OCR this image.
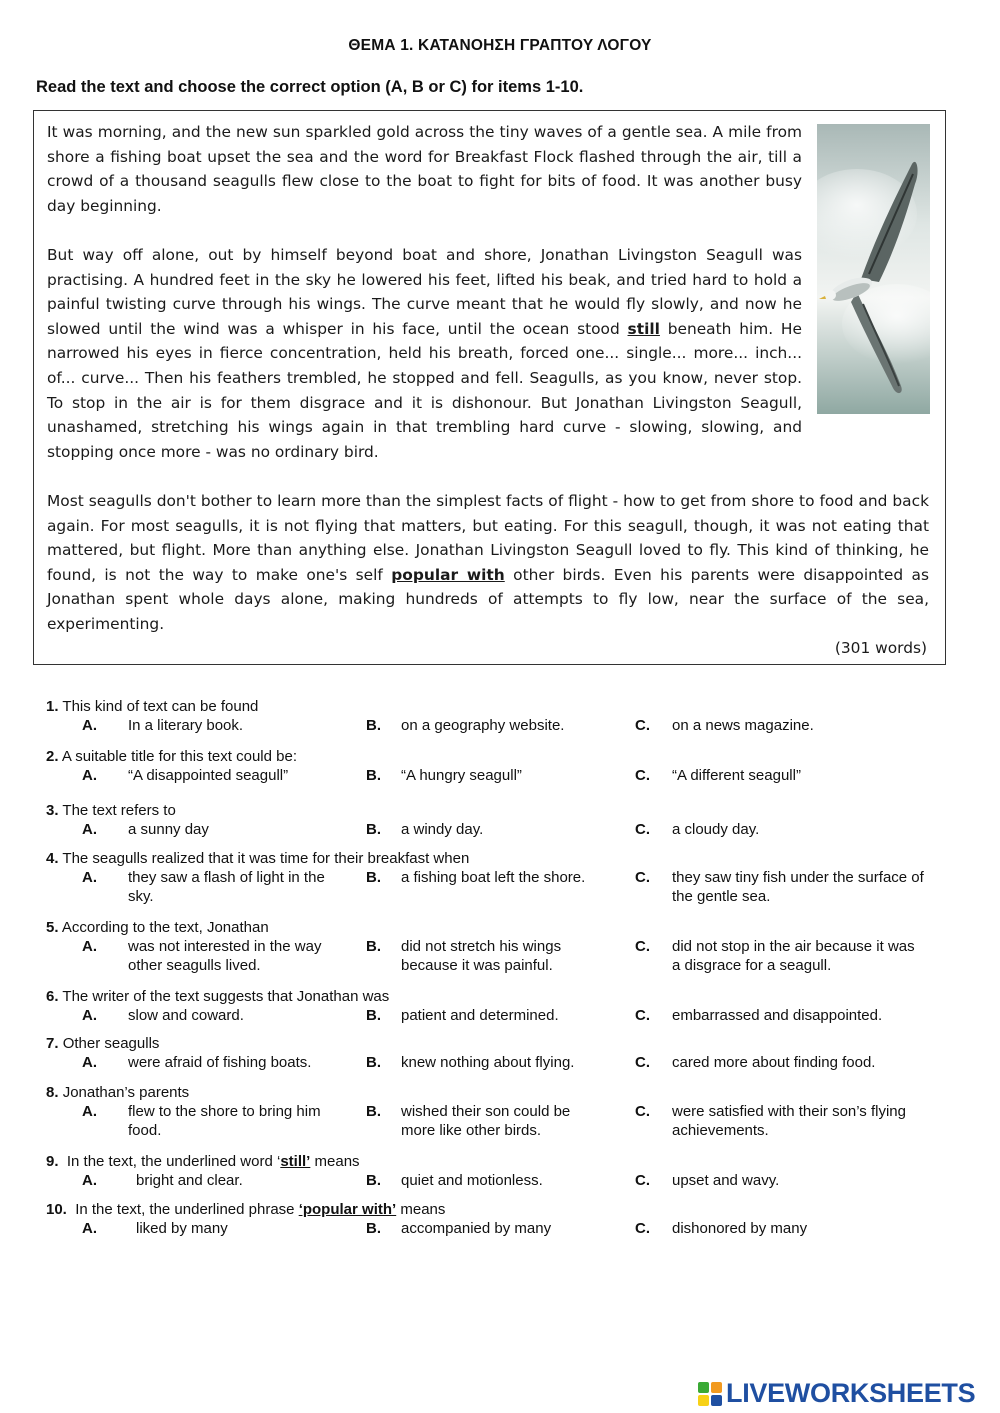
ΘΕΜΑ 1. ΚΑΤΑΝΟΗΣΗ ΓΡΑΠΤΟΥ ΛΟΓΟΥ
Read the text and choose the correct option (A, B or C) for items 1-10.

It was morning, and the new sun sparkled gold across the tiny waves of a gentle sea. A mile from shore a fishing boat upset the sea and the word for Breakfast Flock flashed through the air, till a crowd of a thousand seagulls flew close to the boat to fight for bits of food. It was another busy day beginning.

But way off alone, out by himself beyond boat and shore, Jonathan Livingston Seagull was practising. A hundred feet in the sky he lowered his feet, lifted his beak, and tried hard to hold a painful twisting curve through his wings. The curve meant that he would fly slowly, and now he slowed until the wind was a whisper in his face, until the ocean stood still beneath him. He narrowed his eyes in fierce concentration, held his breath, forced one... single... more... inch... of... curve... Then his feathers trembled, he stopped and fell. Seagulls, as you know, never stop. To stop in the air is for them disgrace and it is dishonour. But Jonathan Livingston Seagull, unashamed, stretching his wings again in that trembling hard curve - slowing, slowing, and stopping once more - was no ordinary bird.

Most seagulls don't bother to learn more than the simplest facts of flight - how to get from shore to food and back again. For most seagulls, it is not flying that matters, but eating. For this seagull, though, it was not eating that mattered, but flight. More than anything else. Jonathan Livingston Seagull loved to fly. This kind of thinking, he found, is not the way to make one's self popular with other birds. Even his parents were disappointed as Jonathan spent whole days alone, making hundreds of attempts to fly low, near the surface of the sea, experimenting.

(301 words)
1. This kind of text can be found
A. In a literary book.	B. on a geography website.	C. on a news magazine.
2. A suitable title for this text could be:
A. “A disappointed seagull”	B. “A hungry seagull”	C. “A different seagull”
3. The text refers to
A. a sunny day	B. a windy day.	C. a cloudy day.
4. The seagulls realized that it was time for their breakfast when
A. they saw a flash of light in the sky.
B. a fishing boat left the shore.	C. they saw tiny fish under the surface of the gentle sea.
5. According to the text, Jonathan
A. was not interested in the way other seagulls lived.
B. did not stretch his wings because it was painful.
C. did not stop in the air because it was a disgrace for a seagull.
6. The writer of the text suggests that Jonathan was
A. slow and coward.	B. patient and determined.	C. embarrassed and disappointed.
7. Other seagulls
A. were afraid of fishing boats.	B. knew nothing about flying.	C. cared more about finding food.
8. Jonathan’s parents
A. flew to the shore to bring him food.
B. wished their son could be more like other birds.
C. were satisfied with their son’s flying achievements.
9. In the text, the underlined word ‘still’ means
A.	bright and clear.	B. quiet and motionless.	C. upset and wavy.
10. In the text, the underlined phrase ‘popular with’ means
A.	liked by many	B. accompanied by many	C. dishonored by many
LIVEWORKSHEETS
